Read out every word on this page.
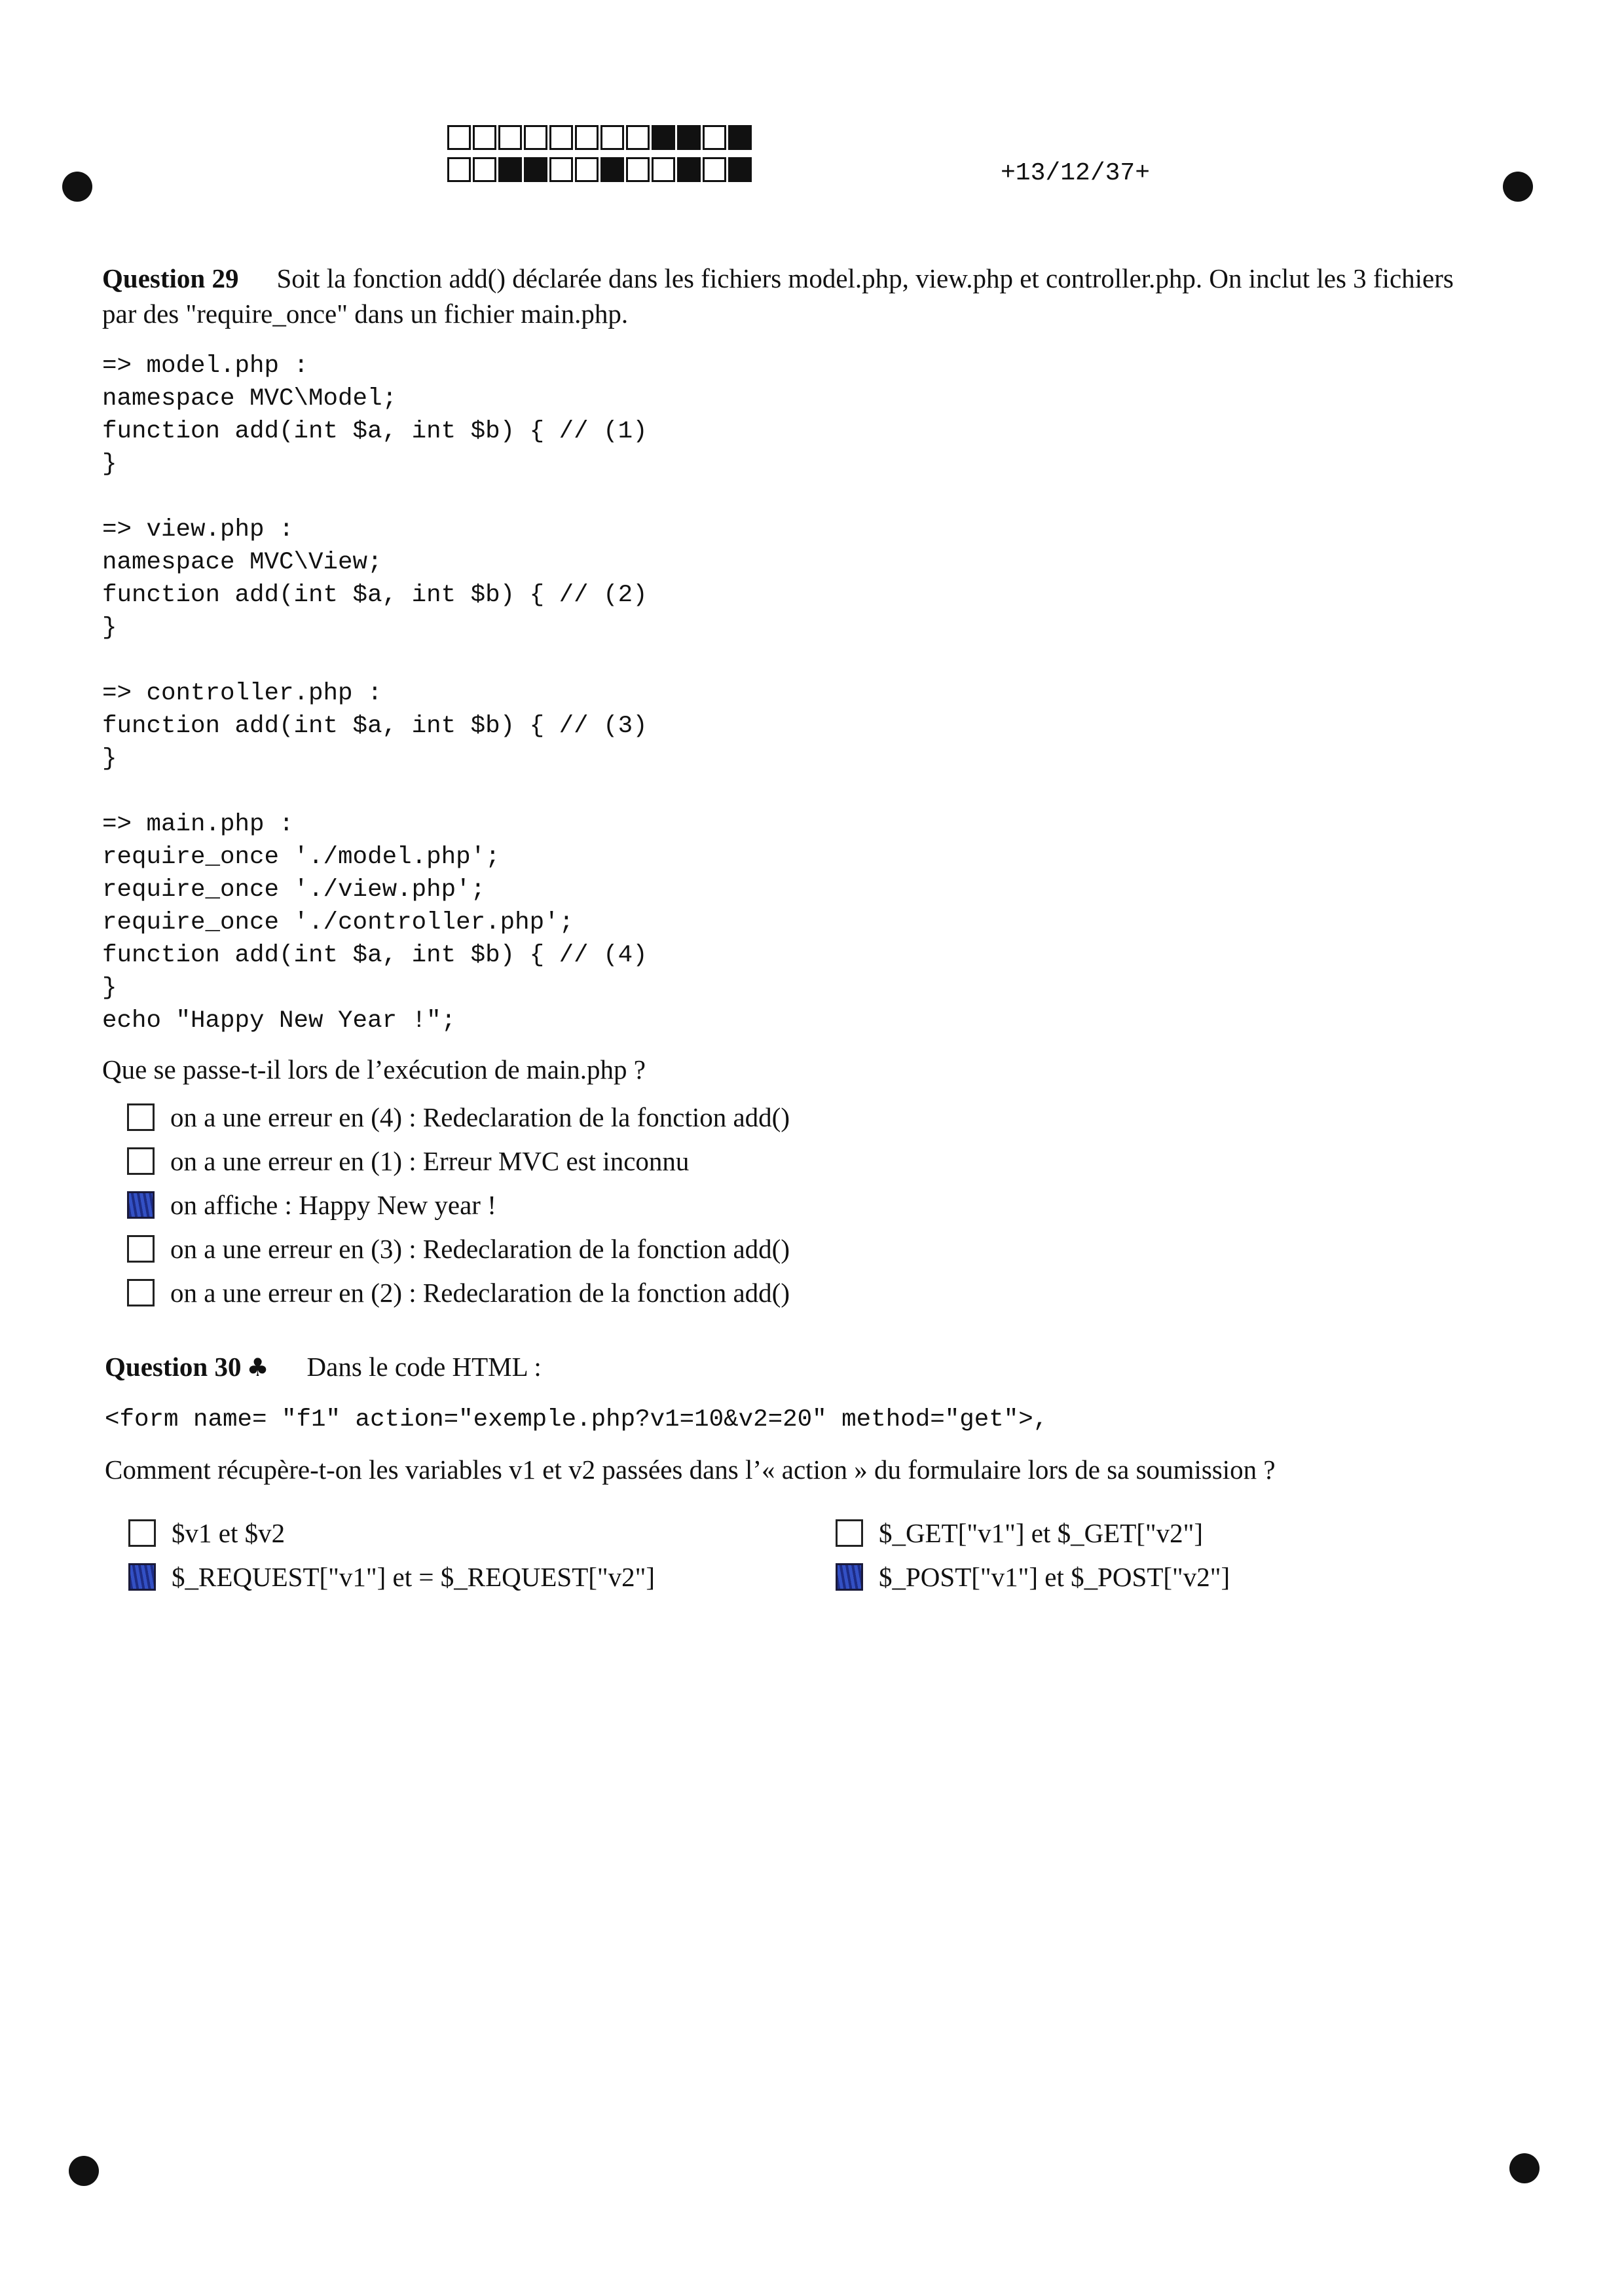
+13/12/37+
Question 29 Soit la fonction add() déclarée dans les fichiers model.php, view.php et controller.php. On inclut les 3 fichiers
par des "require_once" dans un fichier main.php.
=> model.php :
namespace MVC\Model;
function add(int $a, int $b) { // (1)
}
=> view.php :
namespace MVC\View;
function add(int $a, int $b) { // (2)
}
=> controller.php :
function add(int $a, int $b) { // (3)
}
=> main.php :
require_once './model.php';
require_once './view.php';
require_once './controller.php';
function add(int $a, int $b) { // (4)
}
echo "Happy New Year !";
Que se passe-t-il lors de l’exécution de main.php ?
on a une erreur en (4) : Redeclaration de la fonction add()
on a une erreur en (1) : Erreur MVC est inconnu
on affiche : Happy New year !
on a une erreur en (3) : Redeclaration de la fonction add()
on a une erreur en (2) : Redeclaration de la fonction add()
Question 30 ♣ Dans le code HTML :
<form name= "f1" action="exemple.php?v1=10&v2=20" method="get">,
Comment récupère-t-on les variables v1 et v2 passées dans l’« action » du formulaire lors de sa soumission ?
$v1 et $v2	$_GET["v1"] et $_GET["v2"]
$_REQUEST["v1"] et = $_REQUEST["v2"]	$_POST["v1"] et $_POST["v2"]
